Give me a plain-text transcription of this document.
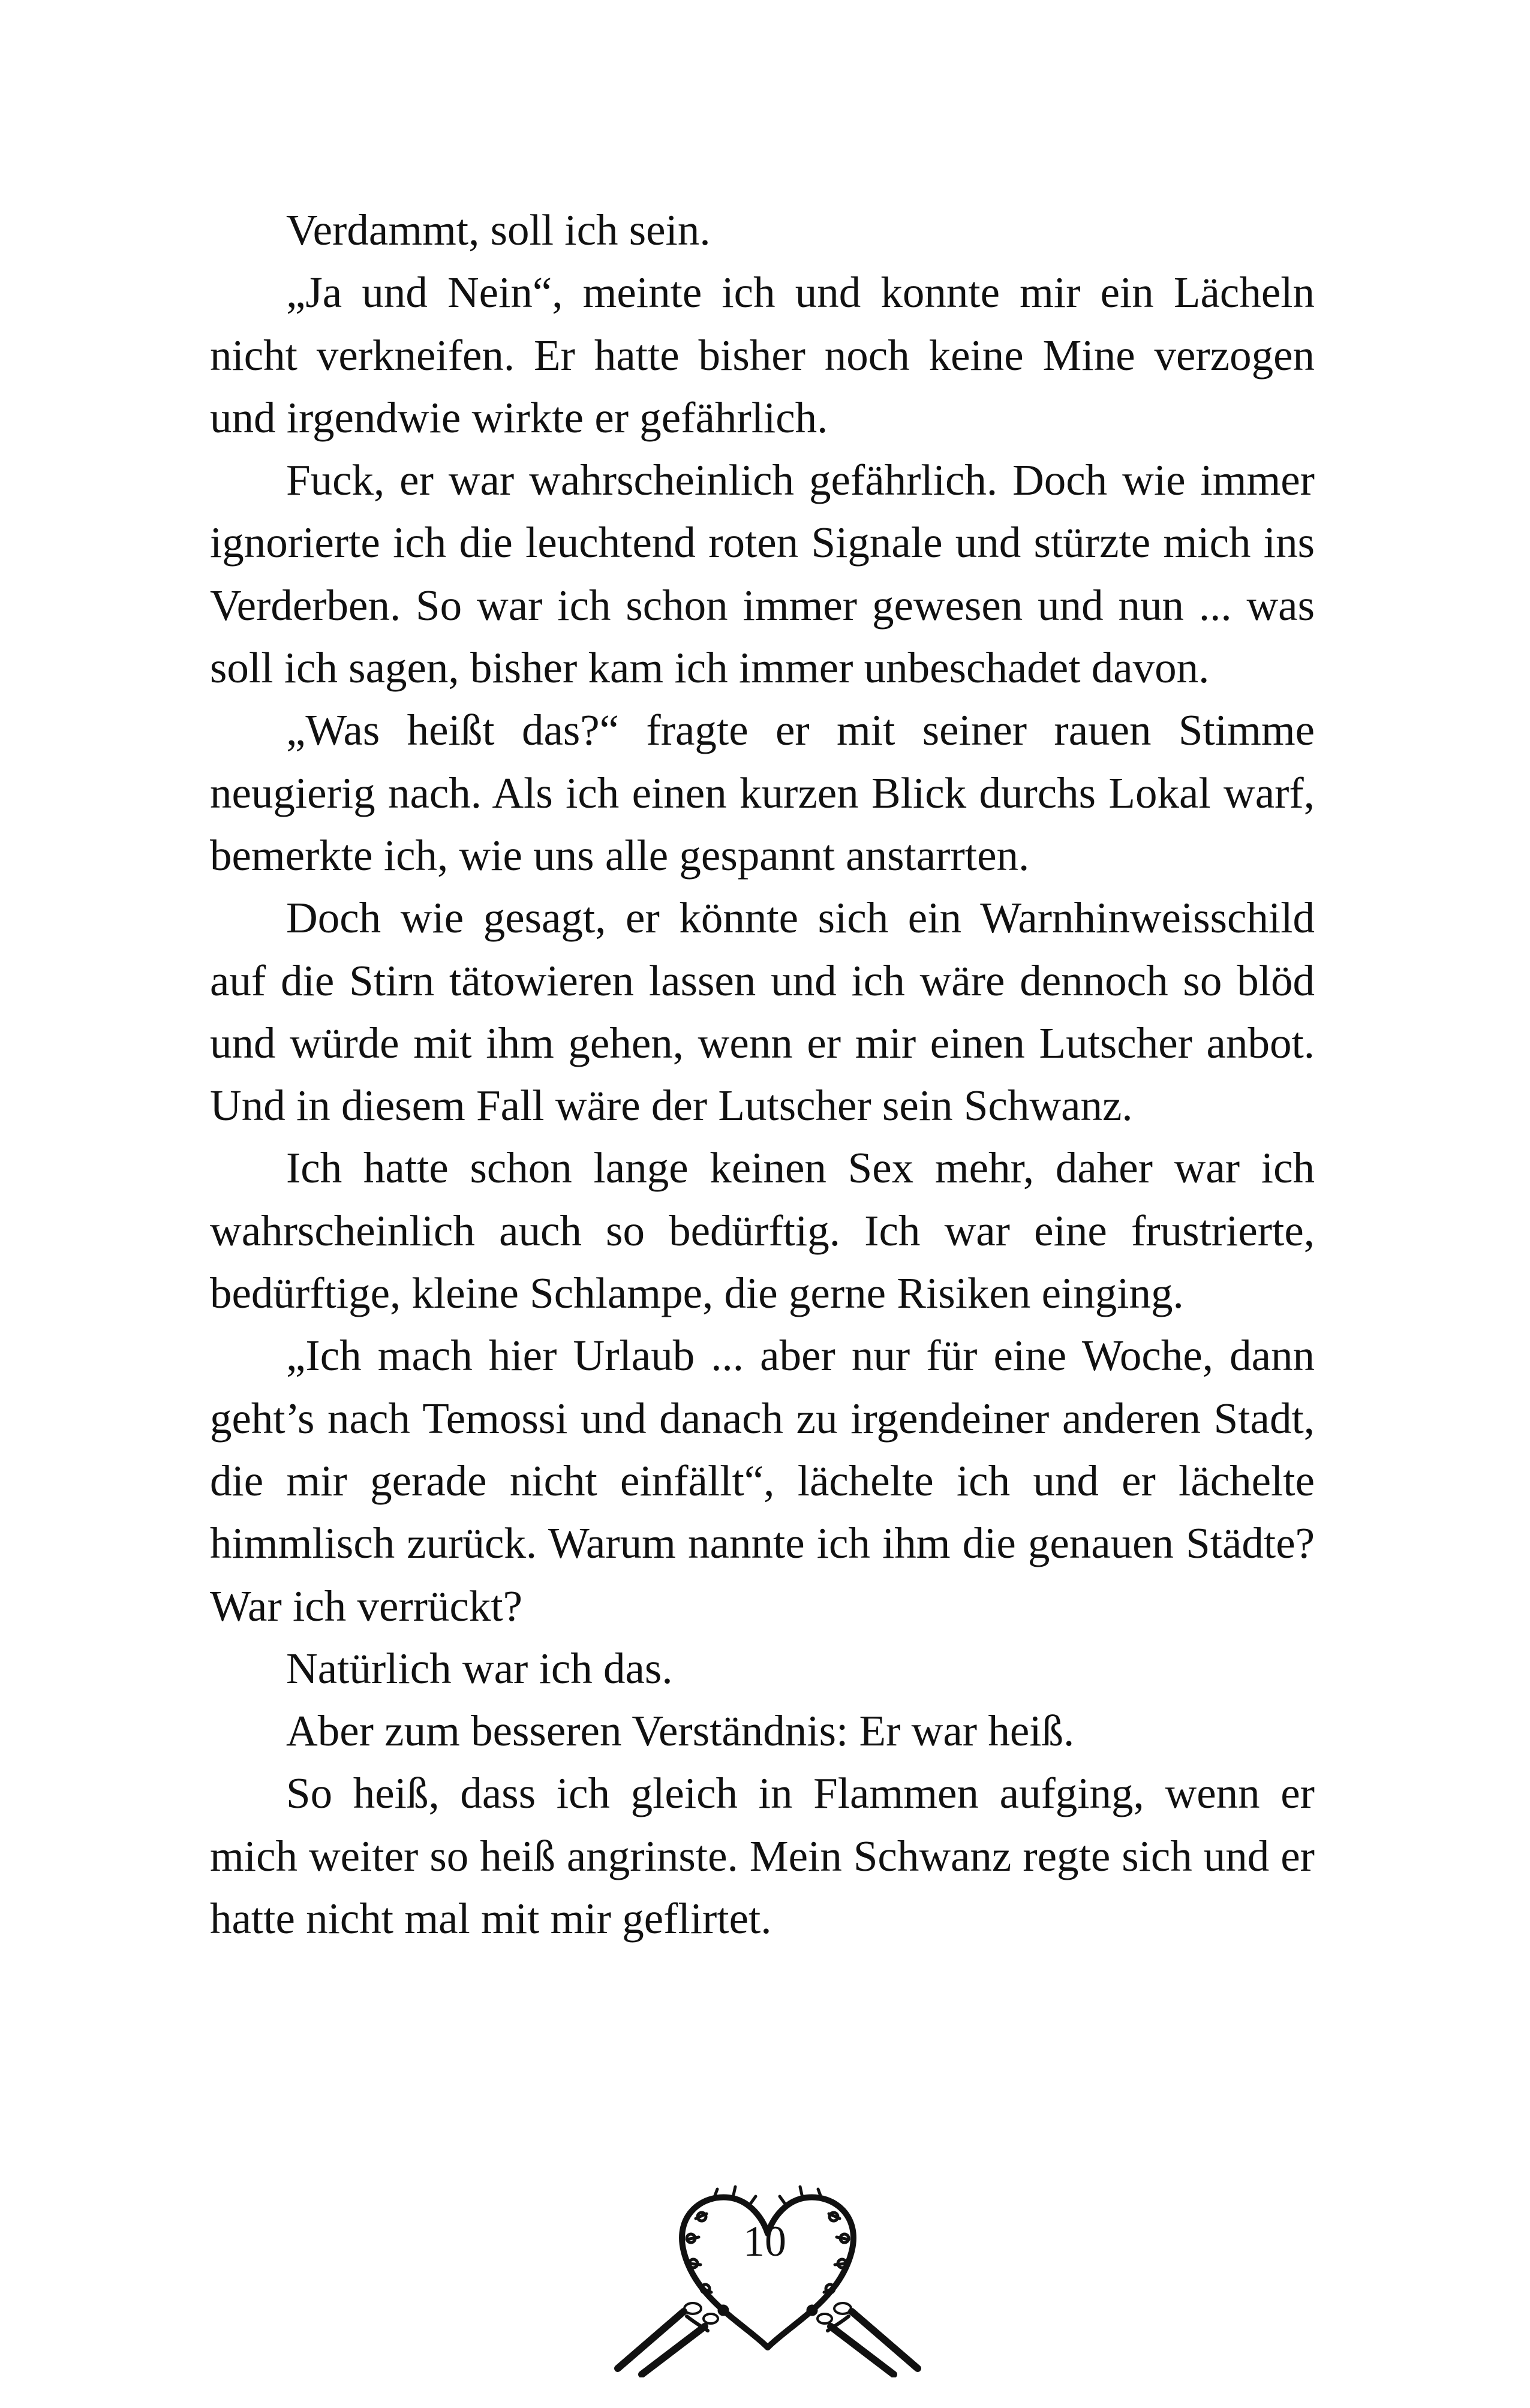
Verdammt, soll ich sein.

„Ja und Nein“, meinte ich und konnte mir ein Lächeln nicht verkneifen. Er hatte bisher noch keine Mine verzogen und irgendwie wirkte er gefährlich.

Fuck, er war wahrscheinlich gefährlich. Doch wie immer ignorierte ich die leuchtend roten Signale und stürzte mich ins Verderben. So war ich schon immer gewesen und nun ... was soll ich sagen, bisher kam ich immer unbeschadet davon.

„Was heißt das?“ fragte er mit seiner rauen Stimme neugierig nach. Als ich einen kurzen Blick durchs Lokal warf, bemerkte ich, wie uns alle gespannt anstarrten.

Doch wie gesagt, er könnte sich ein Warnhinweisschild auf die Stirn tätowieren lassen und ich wäre dennoch so blöd und würde mit ihm gehen, wenn er mir einen Lutscher anbot. Und in diesem Fall wäre der Lutscher sein Schwanz.

Ich hatte schon lange keinen Sex mehr, daher war ich wahrscheinlich auch so bedürftig. Ich war eine frustrierte, bedürftige, kleine Schlampe, die gerne Risiken einging.

„Ich mach hier Urlaub ... aber nur für eine Woche, dann geht’s nach Temossi und danach zu irgendeiner anderen Stadt, die mir gerade nicht einfällt“, lächelte ich und er lächelte himmlisch zurück. Warum nannte ich ihm die genauen Städte? War ich verrückt?

Natürlich war ich das.

Aber zum besseren Verständnis: Er war heiß.

So heiß, dass ich gleich in Flammen aufging, wenn er mich weiter so heiß angrinste. Mein Schwanz regte sich und er hatte nicht mal mit mir geflirtet.

10
